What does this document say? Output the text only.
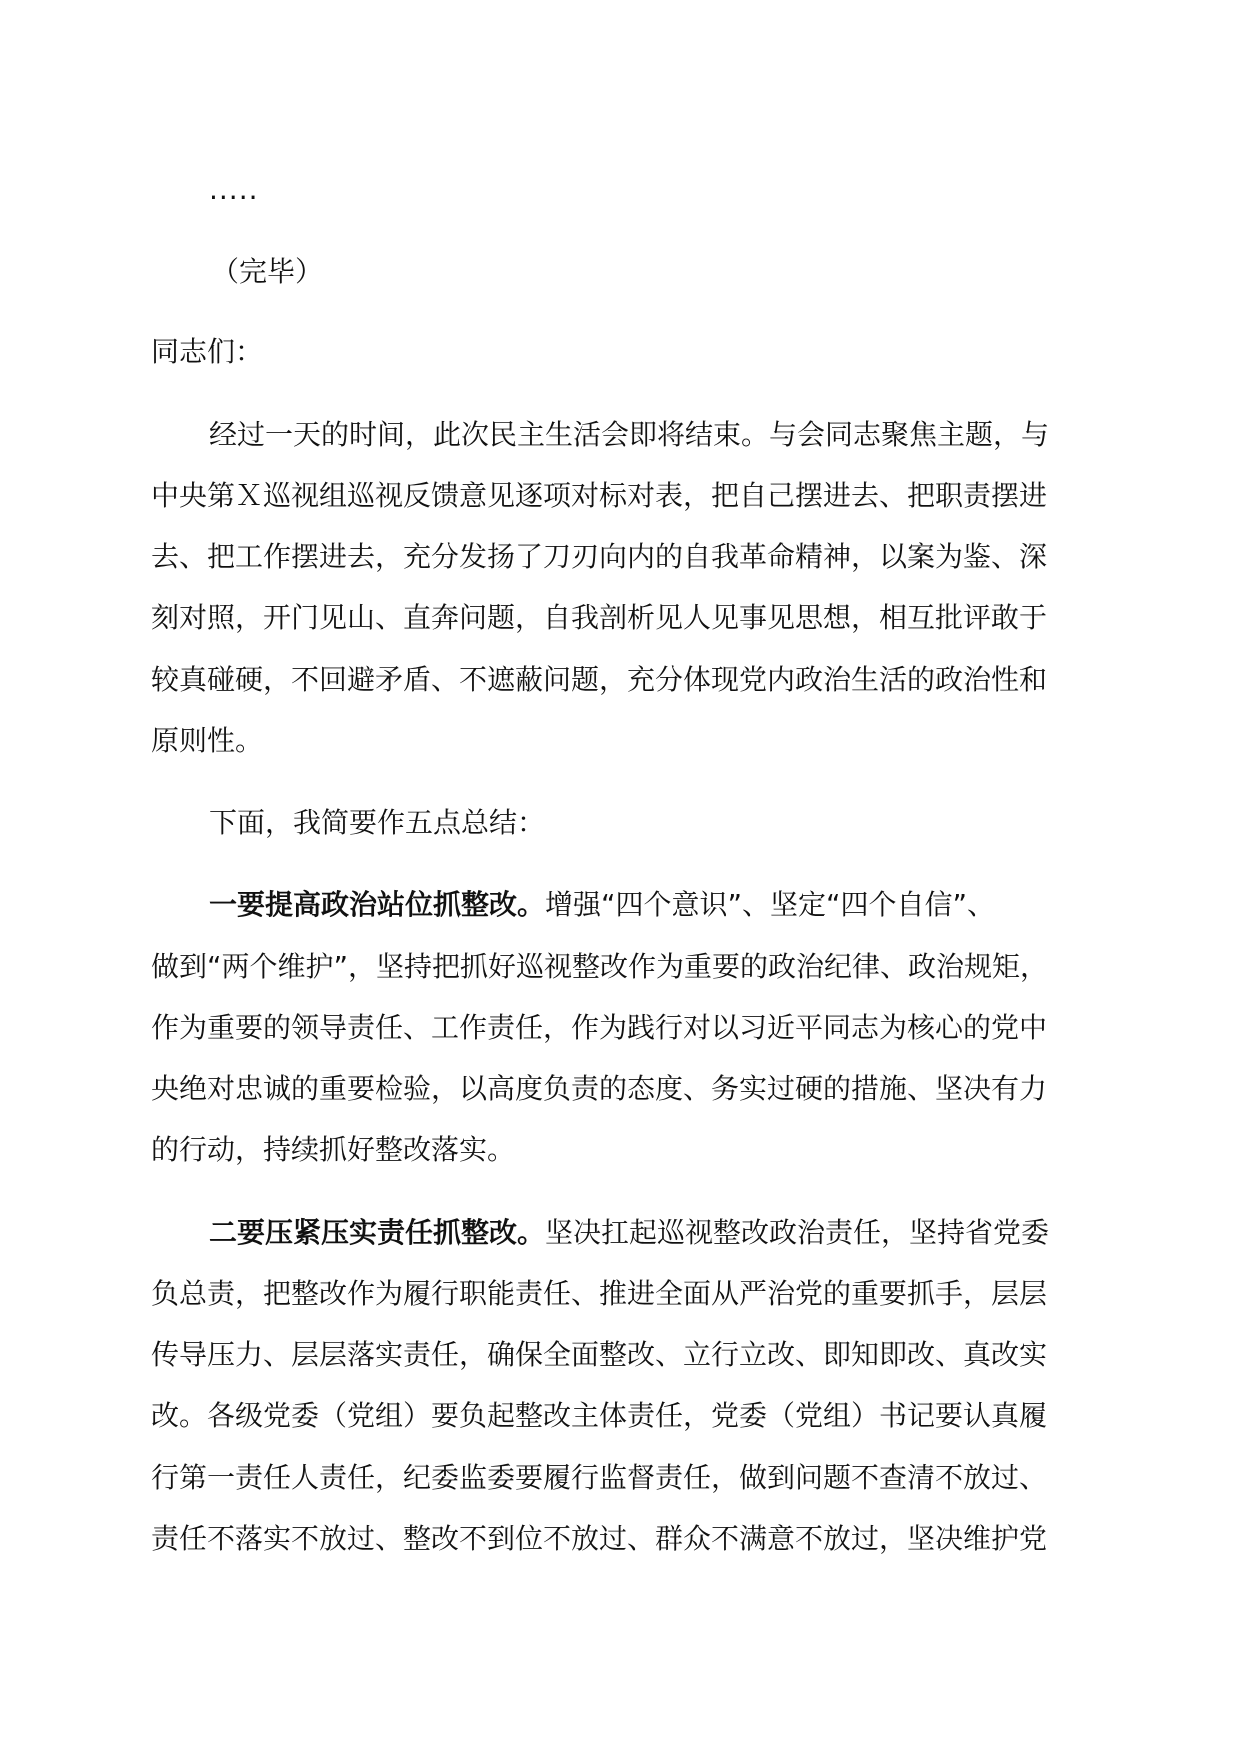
.....
（完毕）
同志们：
经过一天的时间，此次民主生活会即将结束。与会同志聚焦主题，与
中央第Ｘ巡视组巡视反馈意见逐项对标对表，把自己摆进去、把职责摆进
去、把工作摆进去，充分发扬了刀刃向内的自我革命精神，以案为鉴、深
刻对照，开门见山、直奔问题，自我剖析见人见事见思想，相互批评敢于
较真碰硬，不回避矛盾、不遮蔽问题，充分体现党内政治生活的政治性和
原则性。
下面，我简要作五点总结：
一要提高政治站位抓整改。增强“四个意识”、坚定“四个自信”、
做到“两个维护”，坚持把抓好巡视整改作为重要的政治纪律、政治规矩，
作为重要的领导责任、工作责任，作为践行对以习近平同志为核心的党中
央绝对忠诚的重要检验，以高度负责的态度、务实过硬的措施、坚决有力
的行动，持续抓好整改落实。
二要压紧压实责任抓整改。坚决扛起巡视整改政治责任，坚持省党委
负总责，把整改作为履行职能责任、推进全面从严治党的重要抓手，层层
传导压力、层层落实责任，确保全面整改、立行立改、即知即改、真改实
改。各级党委（党组）要负起整改主体责任，党委（党组）书记要认真履
行第一责任人责任，纪委监委要履行监督责任，做到问题不查清不放过、
责任不落实不放过、整改不到位不放过、群众不满意不放过，坚决维护党
